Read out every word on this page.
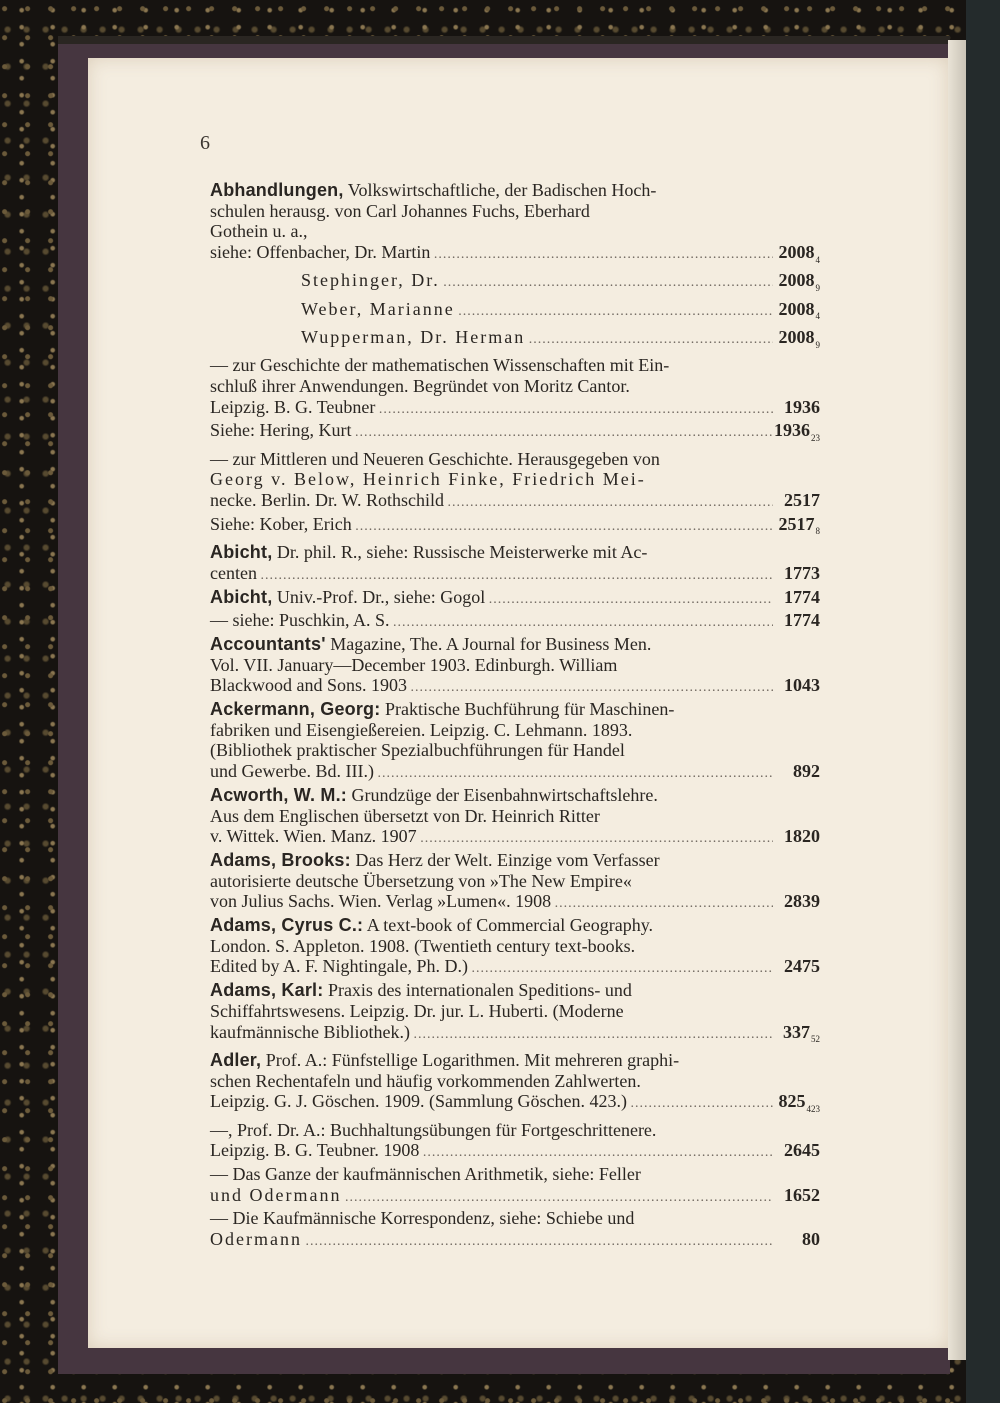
6
Abhandlungen, Volkswirtschaftliche, der Badischen Hoch-
schulen herausg. von Carl Johannes Fuchs, Eberhard
Gothein u. a.,
siehe: Offenbacher, Dr. Martin .....	$2008_4$
Stephinger, Dr. .....	$2008_9$
Weber, Marianne .....	$2008_4$
Wupperman, Dr. Herman .....	$2008_9$
— zur Geschichte der mathematischen Wissenschaften mit Ein-
schluß ihrer Anwendungen. Begründet von Moritz Cantor.
Leipzig. B. G. Teubner .....	1936
Siehe: Hering, Kurt .....	$1936_{23}$
— zur Mittleren und Neueren Geschichte. Herausgegeben von
Georg v. Below, Heinrich Finke, Friedrich Mei-
necke. Berlin. Dr. W. Rothschild .....	2517
Siehe: Kober, Erich .....	$2517_8$
Abicht, Dr. phil. R., siehe: Russische Meisterwerke mit Ac-
centen .....	1773
Abicht, Univ.-Prof. Dr., siehe: Gogol .....	1774
— siehe: Puschkin, A. S. .....	1774
Accountants' Magazine, The. A Journal for Business Men.
Vol. VII. January—December 1903. Edinburgh. William
Blackwood and Sons. 1903 .....	1043
Ackermann, Georg: Praktische Buchführung für Maschinen-
fabriken und Eisengießereien. Leipzig. C. Lehmann. 1893.
(Bibliothek praktischer Spezialbuchführungen für Handel
und Gewerbe. Bd. III.) .....	892
Acworth, W. M.: Grundzüge der Eisenbahnwirtschaftslehre.
Aus dem Englischen übersetzt von Dr. Heinrich Ritter
v. Wittek. Wien. Manz. 1907 .....	1820
Adams, Brooks: Das Herz der Welt. Einzige vom Verfasser
autorisierte deutsche Übersetzung von »The New Empire«
von Julius Sachs. Wien. Verlag »Lumen«. 1908 .....	2839
Adams, Cyrus C.: A text-book of Commercial Geography.
London. S. Appleton. 1908. (Twentieth century text-books.
Edited by A. F. Nightingale, Ph. D.) .....	2475
Adams, Karl: Praxis des internationalen Speditions- und
Schiffahrtswesens. Leipzig. Dr. jur. L. Huberti. (Moderne
kaufmännische Bibliothek.) .....	$337_{52}$
Adler, Prof. A.: Fünfstellige Logarithmen. Mit mehreren graphi-
schen Rechentafeln und häufig vorkommenden Zahlwerten.
Leipzig. G. J. Göschen. 1909. (Sammlung Göschen. 423.) .....	$825_{423}$
—, Prof. Dr. A.: Buchhaltungsübungen für Fortgeschrittenere.
Leipzig. B. G. Teubner. 1908 .....	2645
— Das Ganze der kaufmännischen Arithmetik, siehe: Feller
und Odermann .....	1652
— Die Kaufmännische Korrespondenz, siehe: Schiebe und
Odermann .....	80
